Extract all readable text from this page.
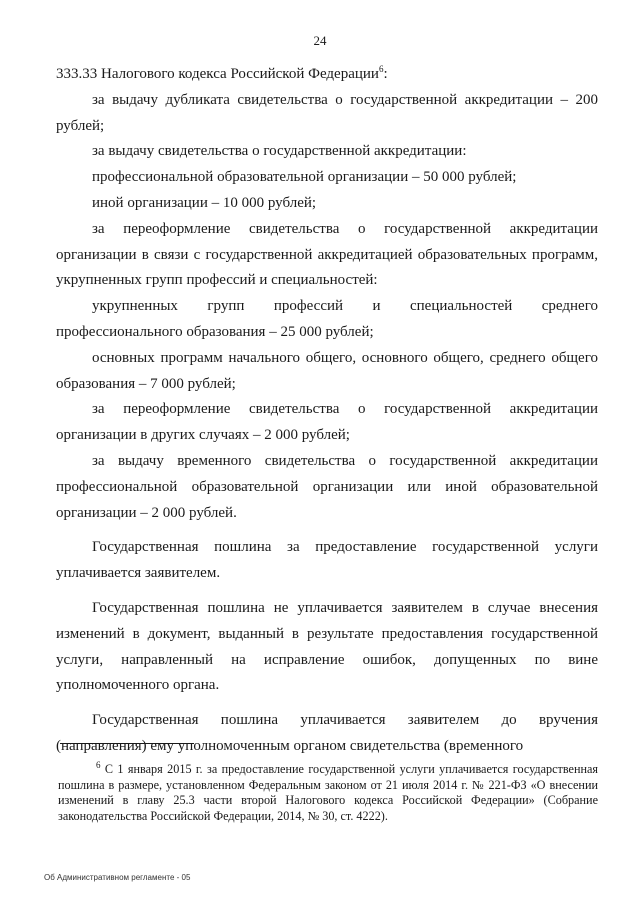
24

333.33 Налогового кодекса Российской Федерации$^6$:

за выдачу дубликата свидетельства о государственной аккредитации – 200 рублей;

за выдачу свидетельства о государственной аккредитации:

профессиональной образовательной организации – 50 000 рублей;

иной организации – 10 000 рублей;

за переоформление свидетельства о государственной аккредитации организации в связи с государственной аккредитацией образовательных программ, укрупненных групп профессий и специальностей:

укрупненных групп профессий и специальностей среднего профессионального образования – 25 000 рублей;

основных программ начального общего, основного общего, среднего общего образования – 7 000 рублей;

за переоформление свидетельства о государственной аккредитации организации в других случаях – 2 000 рублей;

за выдачу временного свидетельства о государственной аккредитации профессиональной образовательной организации или иной образовательной организации – 2 000 рублей.

Государственная пошлина за предоставление государственной услуги уплачивается заявителем.

Государственная пошлина не уплачивается заявителем в случае внесения изменений в документ, выданный в результате предоставления государственной услуги, направленный на исправление ошибок, допущенных по вине уполномоченного органа.

Государственная пошлина уплачивается заявителем до вручения (направления) ему уполномоченным органом свидетельства (временного

$^6$ С 1 января 2015 г. за предоставление государственной услуги уплачивается государственная пошлина в размере, установленном Федеральным законом от 21 июля 2014 г. № 221-ФЗ «О внесении изменений в главу 25.3 части второй Налогового кодекса Российской Федерации» (Собрание законодательства Российской Федерации, 2014, № 30, ст. 4222).

Об Административном регламенте - 05
